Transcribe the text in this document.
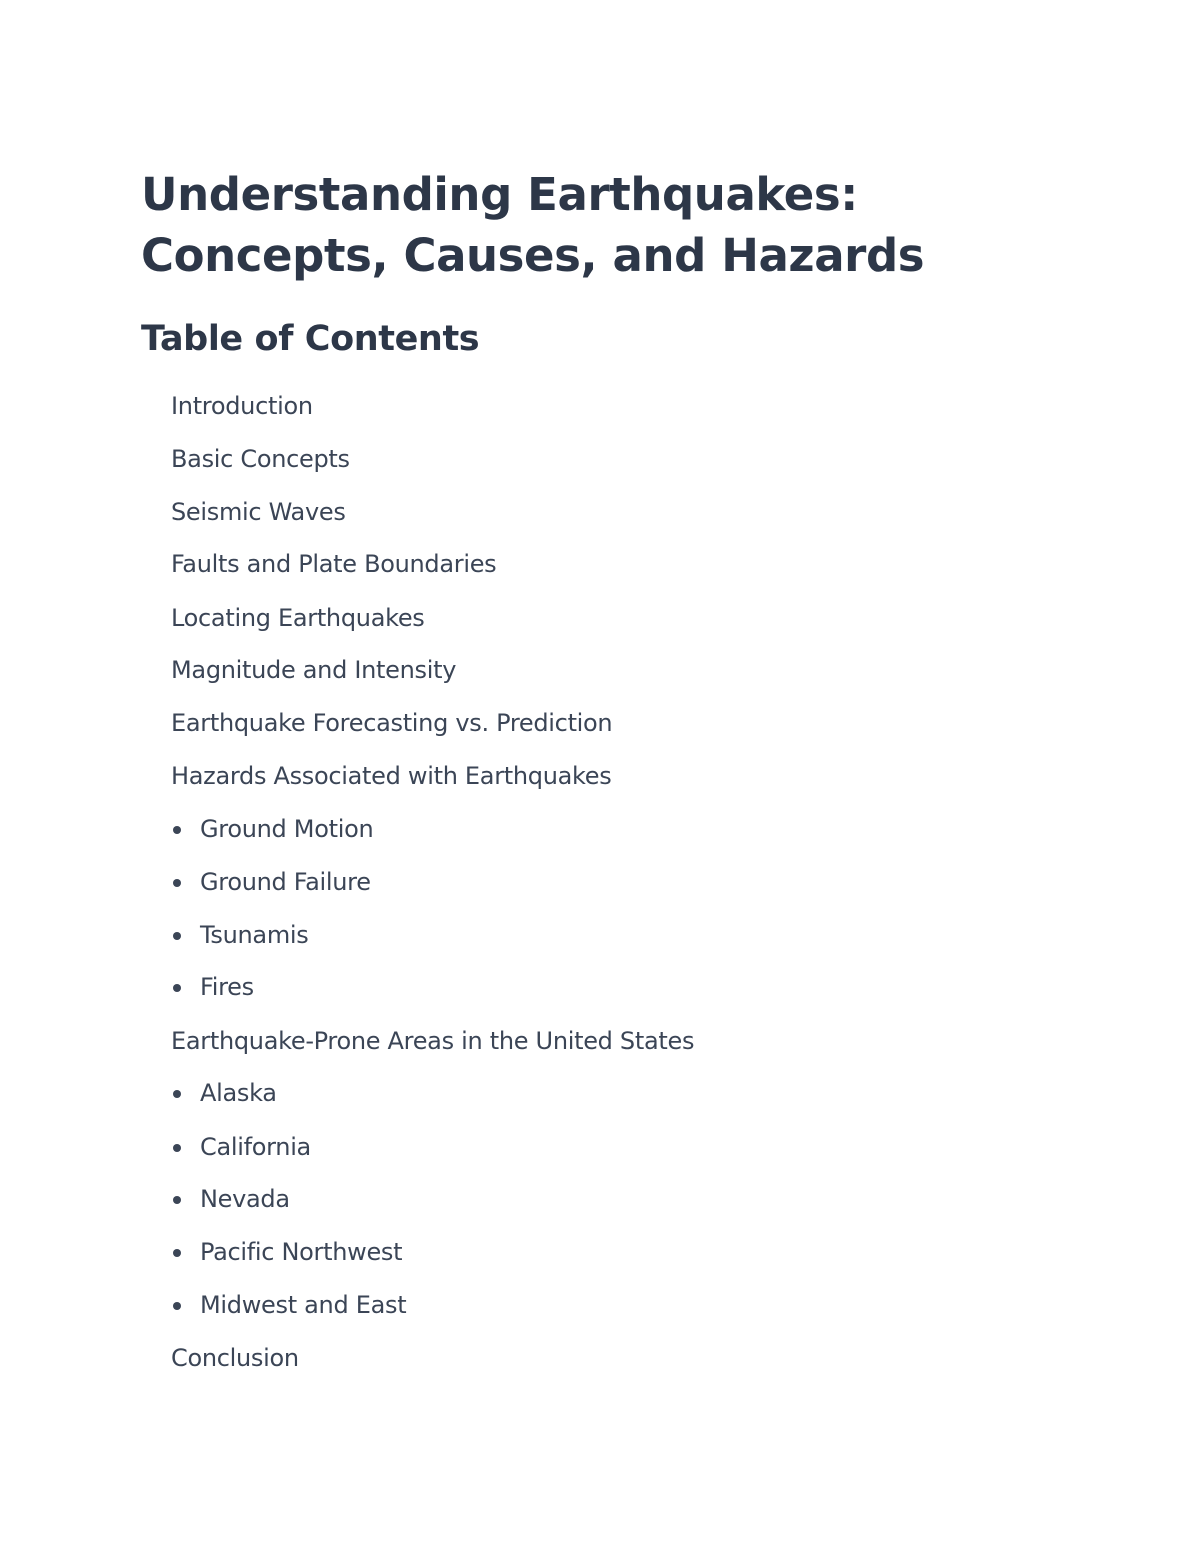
Understanding Earthquakes: Concepts, Causes, and Hazards
Table of Contents
Introduction
Basic Concepts
Seismic Waves
Faults and Plate Boundaries
Locating Earthquakes
Magnitude and Intensity
Earthquake Forecasting vs. Prediction
Hazards Associated with Earthquakes
Ground Motion
Ground Failure
Tsunamis
Fires
Earthquake-Prone Areas in the United States
Alaska
California
Nevada
Pacific Northwest
Midwest and East
Conclusion
